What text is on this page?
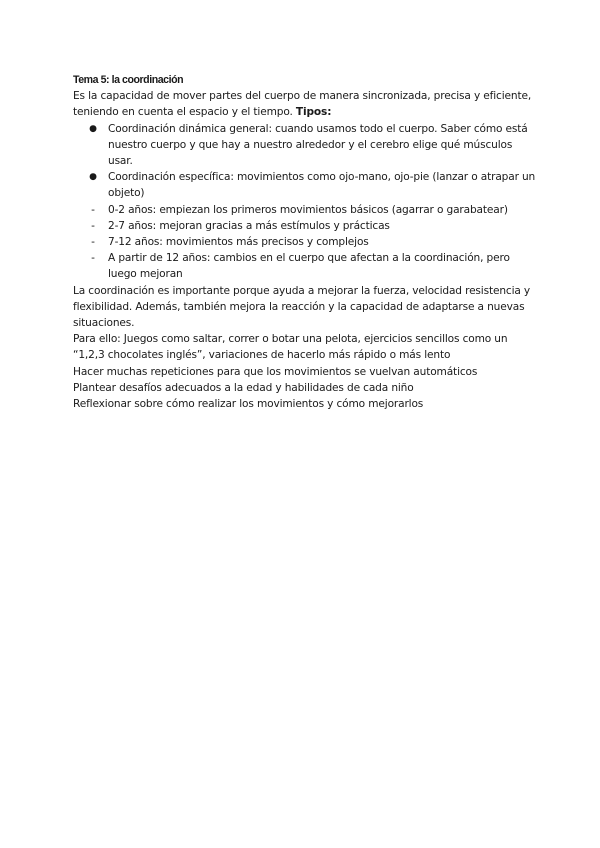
Tema 5: la coordinación

Es la capacidad de mover partes del cuerpo de manera sincronizada, precisa y eficiente, teniendo en cuenta el espacio y el tiempo. Tipos:

● Coordinación dinámica general: cuando usamos todo el cuerpo. Saber cómo está nuestro cuerpo y que hay a nuestro alrededor y el cerebro elige qué músculos usar.
● Coordinación específica: movimientos como ojo-mano, ojo-pie (lanzar o atrapar un objeto)
-	0-2 años: empiezan los primeros movimientos básicos (agarrar o garabatear)
-	2-7 años: mejoran gracias a más estímulos y prácticas
-	7-12 años: movimientos más precisos y complejos
-	A partir de 12 años: cambios en el cuerpo que afectan a la coordinación, pero luego mejoran

La coordinación es importante porque ayuda a mejorar la fuerza, velocidad resistencia y flexibilidad. Además, también mejora la reacción y la capacidad de adaptarse a nuevas situaciones.

Para ello: Juegos como saltar, correr o botar una pelota, ejercicios sencillos como un “1,2,3 chocolates inglés”, variaciones de hacerlo más rápido o más lento

Hacer muchas repeticiones para que los movimientos se vuelvan automáticos

Plantear desafíos adecuados a la edad y habilidades de cada niño

Reflexionar sobre cómo realizar los movimientos y cómo mejorarlos
